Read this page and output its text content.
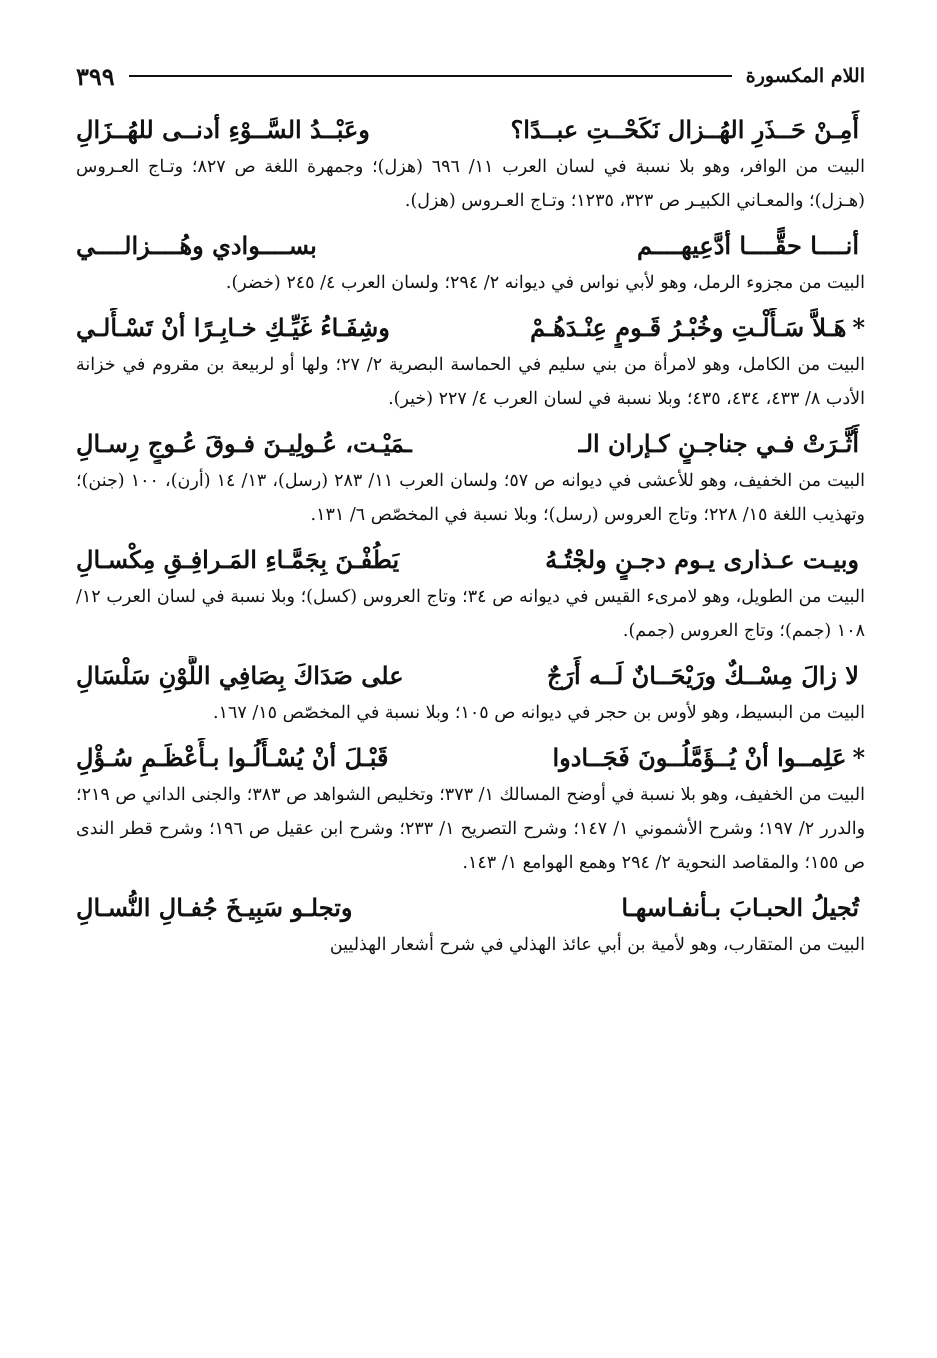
اللام المكسورة
٣٩٩
أَمِـنْ حَــذَرِ الهُــزال نَكَحْــتِ عبــدًا؟
وعَبْــدُ السَّــوْءِ أدنــى للهُــزَالِ

البيت من الوافر، وهو بلا نسبة في لسان العرب ١١/ ٦٩٦ (هزل)؛ وجمهرة اللغة ص ٨٢٧؛ وتـاج العـروس (هـزل)؛ والمعـاني الكبيـر ص ٣٢٣، ١٢٣٥؛ وتـاج العـروس (هزل).

أنــــا حقًّــــا أدَّعِيهــــم
بســــوادي وهُــــزالــــي

البيت من مجزوء الرمل، وهو لأبي نواس في ديوانه ٢/ ٢٩٤؛ ولسان العرب ٤/ ٢٤٥ (خضر).

*هَـلاَّ سَـأَلْـتِ وخُبْـرُ قَـومٍ عِنْـدَهُـمْ
وشِفَـاءُ غَيِّـكِ خـابِـرًا أنْ تَسْـأَلـي

البيت من الكامل، وهو لامرأة من بني سليم في الحماسة البصرية ٢/ ٢٧؛ ولها أو لربيعة بن مقروم في خزانة الأدب ٨/ ٤٣٣، ٤٣٤، ٤٣٥؛ وبلا نسبة في لسان العرب ٤/ ٢٢٧ (خير).

أَثَّـرَتْ فـي جناجـنٍ كـإران الـ
ـمَيْـت، عُـولِيـنَ فـوقَ عُـوجٍ رِسـالِ

البيت من الخفيف، وهو للأعشى في ديوانه ص ٥٧؛ ولسان العرب ١١/ ٢٨٣ (رسل)، ١٣/ ١٤ (أرن)، ١٠٠ (جنن)؛ وتهذيب اللغة ١٥/ ٢٢٨؛ وتاج العروس (رسل)؛ وبلا نسبة في المخصّص ٦/ ١٣١.

وبيـت عـذارى يـوم دجـنٍ ولجْتُـهُ
يَطُفْـنَ بِجَمَّـاءِ المَـرافِـقِ مِكْسـالِ

البيت من الطويل، وهو لامرىء القيس في ديوانه ص ٣٤؛ وتاج العروس (كسل)؛ وبلا نسبة في لسان العرب ١٢/ ١٠٨ (جمم)؛ وتاج العروس (جمم).

لا زالَ مِسْــكٌ ورَيْحَــانٌ لَــه أَرَجٌ
على صَدَاكَ بِصَافِي اللَّوْنِ سَلْسَالِ

البيت من البسيط، وهو لأوس بن حجر في ديوانه ص ١٠٥؛ وبلا نسبة في المخصّص ١٥/ ١٦٧.

*عَلِمــوا أنْ يُــؤَمَّلُــونَ فَجَــادوا
قَبْـلَ أنْ يُسْـأَلُـوا بـأَعْظَـمِ سُـؤْلِ

البيت من الخفيف، وهو بلا نسبة في أوضح المسالك ١/ ٣٧٣؛ وتخليص الشواهد ص ٣٨٣؛ والجنى الداني ص ٢١٩؛ والدرر ٢/ ١٩٧؛ وشرح الأشموني ١/ ١٤٧؛ وشرح التصريح ١/ ٢٣٣؛ وشرح ابن عقيل ص ١٩٦؛ وشرح قطر الندى ص ١٥٥؛ والمقاصد النحوية ٢/ ٢٩٤ وهمع الهوامع ١/ ١٤٣.

تُجيلُ الحبـابَ بـأنفـاسهـا
وتجلـو سَبِيـخَ جُفـالِ النُّسـالِ

البيت من المتقارب، وهو لأمية بن أبي عائذ الهذلي في شرح أشعار الهذليين
